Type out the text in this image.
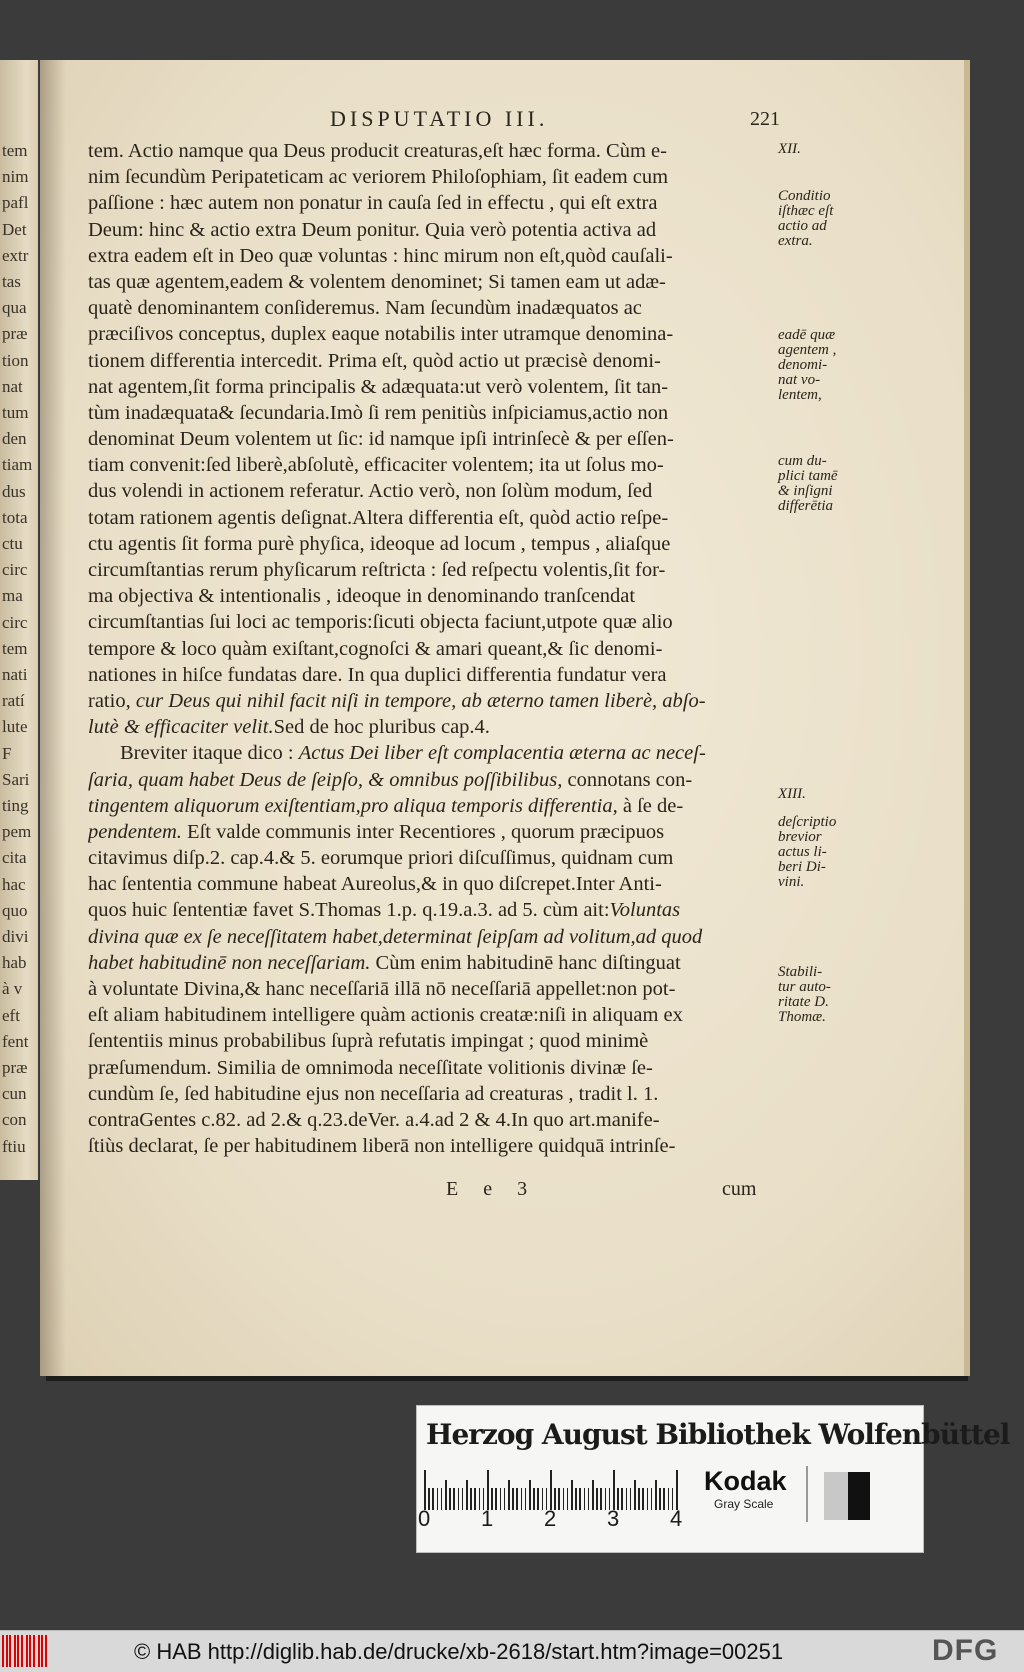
tem
nim
pafl
Det
extr
tas
qua
præ
tion
nat
tum
den
tiam
dus
tota
ctu
circ
ma
circ
tem
nati
ratí
lute
F
Sari
ting
pem
cita
hac
quo
divi
hab
à v
eft
fent
præ
cun
con
ftiu
DISPUTATIO III.	221
tem. Actio namque qua Deus producit creaturas,eſt hæc forma. Cùm e-
nim ſecundùm Peripateticam ac veriorem Philoſophiam, ſit eadem cum
paſſione : hæc autem non ponatur in cauſa ſed in effectu , qui eſt extra
Deum: hinc & actio extra Deum ponitur. Quia verò potentia activa ad
extra eadem eſt in Deo quæ voluntas : hinc mirum non eſt,quòd cauſali-
tas quæ agentem,eadem & volentem denominet; Si tamen eam ut adæ-
quatè denominantem conſideremus. Nam ſecundùm inadæquatos ac
præciſivos conceptus, duplex eaque notabilis inter utramque denomina-
tionem differentia intercedit. Prima eſt, quòd actio ut præcisè denomi-
nat agentem,ſit forma principalis & adæquata:ut verò volentem, ſit tan-
tùm inadæquata& ſecundaria.Imò ſi rem penitiùs inſpiciamus,actio non
denominat Deum volentem ut ſic: id namque ipſi intrinſecè & per eſſen-
tiam convenit:ſed liberè,abſolutè, efficaciter volentem; ita ut ſolus mo-
dus volendi in actionem referatur. Actio verò, non ſolùm modum, ſed
totam rationem agentis deſignat.Altera differentia eſt, quòd actio reſpe-
ctu agentis ſit forma purè phyſica, ideoque ad locum , tempus , aliaſque
circumſtantias rerum phyſicarum reſtricta : ſed reſpectu volentis,ſit for-
ma objectiva & intentionalis , ideoque in denominando tranſcendat
circumſtantias ſui loci ac temporis:ſicuti objecta faciunt,utpote quæ alio
tempore & loco quàm exiſtant,cognoſci & amari queant,& ſic denomi-
nationes in hiſce fundatas dare. In qua duplici differentia fundatur vera
ratio, cur Deus qui nihil facit niſi in tempore, ab æterno tamen liberè, abſo-
lutè & efficaciter velit.Sed de hoc pluribus cap.4.
Breviter itaque dico : Actus Dei liber eſt complacentia æterna ac neceſ-
ſaria, quam habet Deus de ſeipſo, & omnibus poſſibilibus, connotans con-
tingentem aliquorum exiſtentiam,pro aliqua temporis differentia, à ſe de-
pendentem. Eſt valde communis inter Recentiores , quorum præcipuos
citavimus diſp.2. cap.4.& 5. eorumque priori diſcuſſimus, quidnam cum
hac ſententia commune habeat Aureolus,& in quo diſcrepet.Inter Anti-
quos huic ſententiæ favet S.Thomas 1.p. q.19.a.3. ad 5. cùm ait:Voluntas
divina quæ ex ſe neceſſitatem habet,determinat ſeipſam ad volitum,ad quod
habet habitudinē non neceſſariam. Cùm enim habitudinē hanc diſtinguat
à voluntate Divina,& hanc neceſſariā illā nō neceſſariā appellet:non pot-
eſt aliam habitudinem intelligere quàm actionis creatæ:niſi in aliquam ex
ſententiis minus probabilibus ſuprà refutatis impingat ; quod minimè
præſumendum. Similia de omnimoda neceſſitate volitionis divinæ ſe-
cundùm ſe, ſed habitudine ejus non neceſſaria ad creaturas , tradit l. 1.
contraGentes c.82. ad 2.& q.23.deVer. a.4.ad 2 & 4.In quo art.manife-
ſtiùs declarat, ſe per habitudinem liberā non intelligere quidquā intrinſe-
XII.
Conditio
iſthæc eſt
actio ad
extra.
eadē quæ
agentem ,
denomi-
nat vo-
lentem,
cum du-
plici tamē
& inſigni
differētia
XIII.
deſcriptio
brevior
actus li-
beri Di-
vini.
Stabili-
tur auto-
ritate D.
Thomæ.
E e 3	cum
Herzog August Bibliothek Wolfenbüttel
0 1 2 3 4
Kodak
Gray Scale
© HAB http://diglib.hab.de/drucke/xb-2618/start.htm?image=00251	DFG
